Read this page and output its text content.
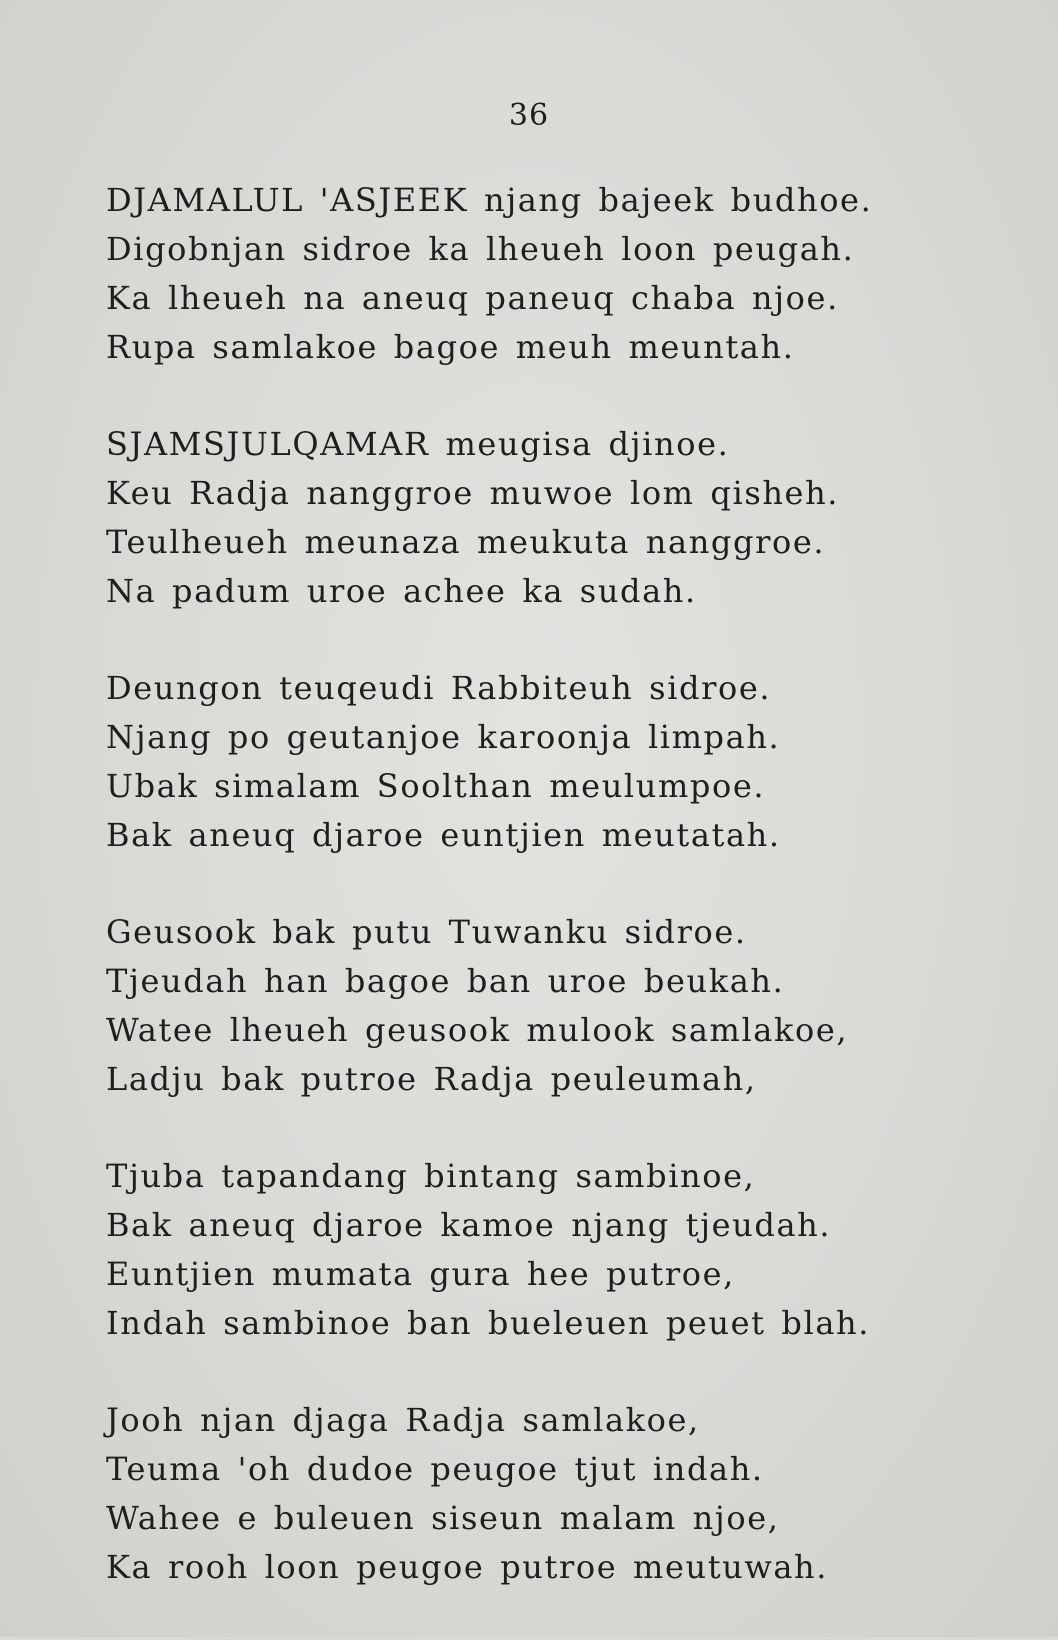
36
DJAMALUL 'ASJEEK njang bajeek budhoe.
Digobnjan sidroe ka lheueh loon peugah.
Ka lheueh na aneuq paneuq chaba njoe.
Rupa samlakoe bagoe meuh meuntah.
SJAMSJULQAMAR meugisa djinoe.
Keu Radja nanggroe muwoe lom qisheh.
Teulheueh meunaza meukuta nanggroe.
Na padum uroe achee ka sudah.
Deungon teuqeudi Rabbiteuh sidroe.
Njang po geutanjoe karoonja limpah.
Ubak simalam Soolthan meulumpoe.
Bak aneuq djaroe euntjien meutatah.
Geusook bak putu Tuwanku sidroe.
Tjeudah han bagoe ban uroe beukah.
Watee lheueh geusook mulook samlakoe,
Ladju bak putroe Radja peuleumah,
Tjuba tapandang bintang sambinoe,
Bak aneuq djaroe kamoe njang tjeudah.
Euntjien mumata gura hee putroe,
Indah sambinoe ban bueleuen peuet blah.
Jooh njan djaga Radja samlakoe,
Teuma 'oh dudoe peugoe tjut indah.
Wahee e buleuen siseun malam njoe,
Ka rooh loon peugoe putroe meutuwah.
